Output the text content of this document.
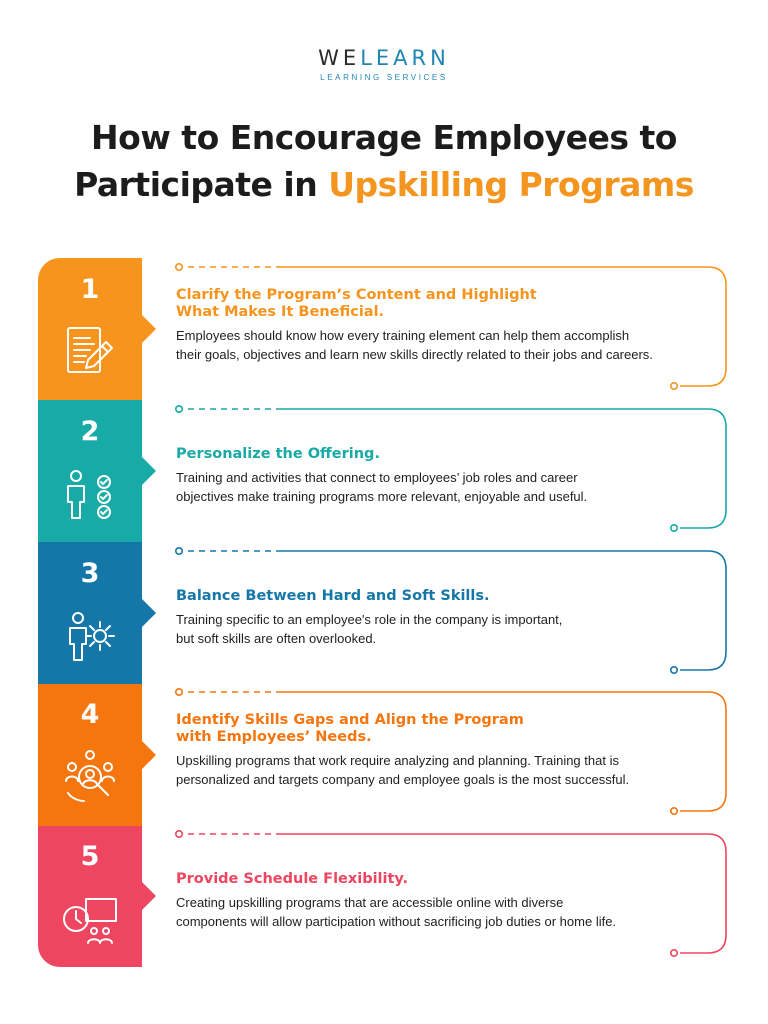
WELEARN
LEARNING SERVICES
How to Encourage Employees to
Participate in Upskilling Programs
1	Clarify the Program’s Content and Highlight
What Makes It Beneficial.
Employees should know how every training element can help them accomplish
their goals, objectives and learn new skills directly related to their jobs and careers.
2
Personalize the Offering.
Training and activities that connect to employees’ job roles and career
objectives make training programs more relevant, enjoyable and useful.
3
Balance Between Hard and Soft Skills.
Training specific to an employee's role in the company is important,
but soft skills are often overlooked.
4	Identify Skills Gaps and Align the Program
with Employees’ Needs.
Upskilling programs that work require analyzing and planning. Training that is
personalized and targets company and employee goals is the most successful.
5
Provide Schedule Flexibility.
Creating upskilling programs that are accessible online with diverse
components will allow participation without sacrificing job duties or home life.
